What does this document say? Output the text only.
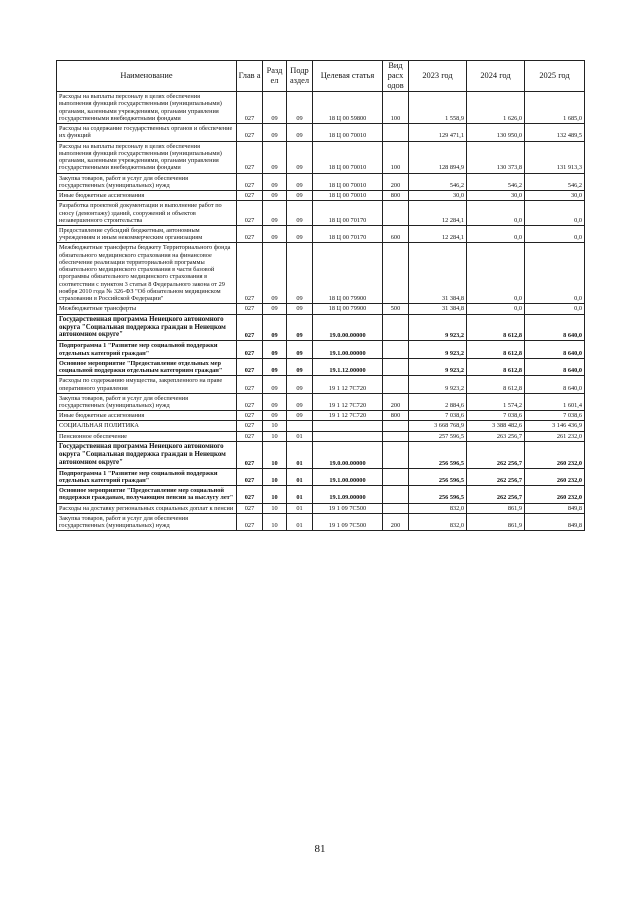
Наименование	Глав а	Разд ел	Подр аздел	Целевая статья	Вид расх одов	2023 год	2024 год	2025 год
Расходы на выплаты персоналу в целях обеспечения выполнения функций государственными (муниципальными) органами, казенными учреждениями, органами управления государственными внебюджетными фондами	027	09	09	18 Ц 00 59800	100	1 558,9	1 626,0	1 685,0
Расходы на содержание государственных органов и обеспечение их функций	027	09	09	18 Ц 00 70010		129 471,1	130 950,0	132 489,5
Расходы на выплаты персоналу в целях обеспечения выполнения функций государственными (муниципальными) органами, казенными учреждениями, органами управления государственными внебюджетными фондами	027	09	09	18 Ц 00 70010	100	128 894,9	130 373,8	131 913,3
Закупка товаров, работ и услуг для обеспечения государственных (муниципальных) нужд	027	09	09	18 Ц 00 70010	200	546,2	546,2	546,2
Иные бюджетные ассигнования	027	09	09	18 Ц 00 70010	800	30,0	30,0	30,0
Разработка проектной документации и выполнение работ по сносу (демонтажу) зданий, сооружений и объектов незавершенного строительства	027	09	09	18 Ц 00 70170		12 284,1	0,0	0,0
Предоставление субсидий бюджетным, автономным учреждениям и иным некоммерческим организациям	027	09	09	18 Ц 00 70170	600	12 284,1	0,0	0,0
Межбюджетные трансферты бюджету Территориального фонда обязательного медицинского страхования на финансовое обеспечение реализации территориальной программы обязательного медицинского страхования в части базовой программы обязательного медицинского страхования в соответствии с пунктом 3 статьи 8 Федерального закона от 29 ноября 2010 года № 326-ФЗ "Об обязательном медицинском страховании в Российской Федерации"	027	09	09	18 Ц 00 79900		31 384,8	0,0	0,0
Межбюджетные трансферты	027	09	09	18 Ц 00 79900	500	31 384,8	0,0	0,0
Государственная программа Ненецкого автономного округа "Социальная поддержка граждан в Ненецком автономном округе"	027	09	09	19.0.00.00000		9 923,2	8 612,8	8 640,0
Подпрограмма 1 "Развитие мер социальной поддержки отдельных категорий граждан"	027	09	09	19.1.00.00000		9 923,2	8 612,8	8 640,0
Основное мероприятие "Предоставление отдельных мер социальной поддержки отдельным категориям граждан"	027	09	09	19.1.12.00000		9 923,2	8 612,8	8 640,0
Расходы по содержанию имущества, закрепленного на праве оперативного управления	027	09	09	19 1 12 7С720		9 923,2	8 612,8	8 640,0
Закупка товаров, работ и услуг для обеспечения государственных (муниципальных) нужд	027	09	09	19 1 12 7С720	200	2 884,6	1 574,2	1 601,4
Иные бюджетные ассигнования	027	09	09	19 1 12 7С720	800	7 038,6	7 038,6	7 038,6
СОЦИАЛЬНАЯ ПОЛИТИКА	027	10				3 668 768,9	3 388 482,6	3 146 436,9
Пенсионное обеспечение	027	10	01			257 596,5	263 256,7	261 232,0
Государственная программа Ненецкого автономного округа "Социальная поддержка граждан в Ненецком автономном округе"	027	10	01	19.0.00.00000		256 596,5	262 256,7	260 232,0
Подпрограмма 1 "Развитие мер социальной поддержки отдельных категорий граждан"	027	10	01	19.1.00.00000		256 596,5	262 256,7	260 232,0
Основное мероприятие "Предоставление мер социальной поддержки гражданам, получающим пенсии за выслугу лет"	027	10	01	19.1.09.00000		256 596,5	262 256,7	260 232,0
Расходы на доставку региональных социальных доплат к пенсии	027	10	01	19 1 09 7С500		832,0	861,9	849,8
Закупка товаров, работ и услуг для обеспечения государственных (муниципальных) нужд	027	10	01	19 1 09 7С500	200	832,0	861,9	849,8
81
